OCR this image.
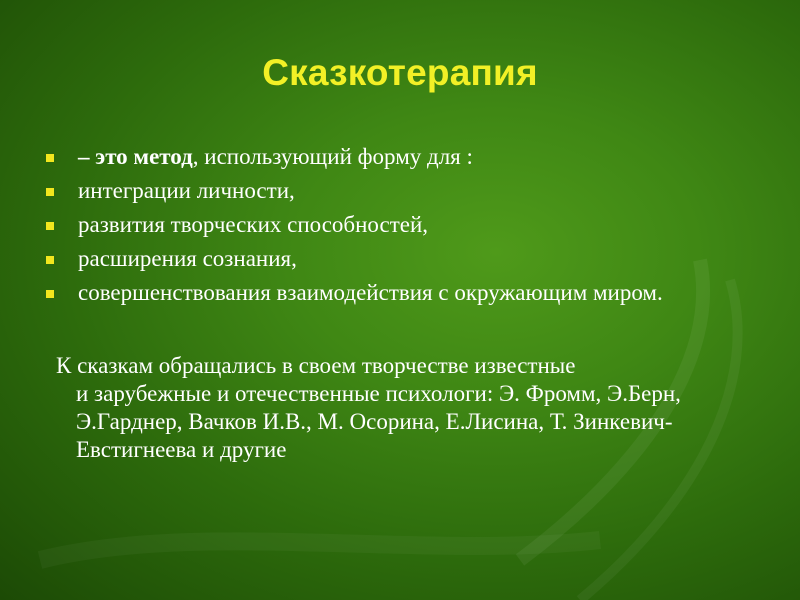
Сказкотерапия
– это метод, использующий форму для :
интеграции личности,
развития творческих способностей,
расширения сознания,
совершенствования взаимодействия с окружающим миром.

К сказкам обращались в своем творчестве известные
и зарубежные и отечественные психологи: Э. Фромм, Э.Берн, Э.Гарднер, Вачков И.В., М. Осорина, Е.Лисина, Т. Зинкевич-Евстигнеева и другие
